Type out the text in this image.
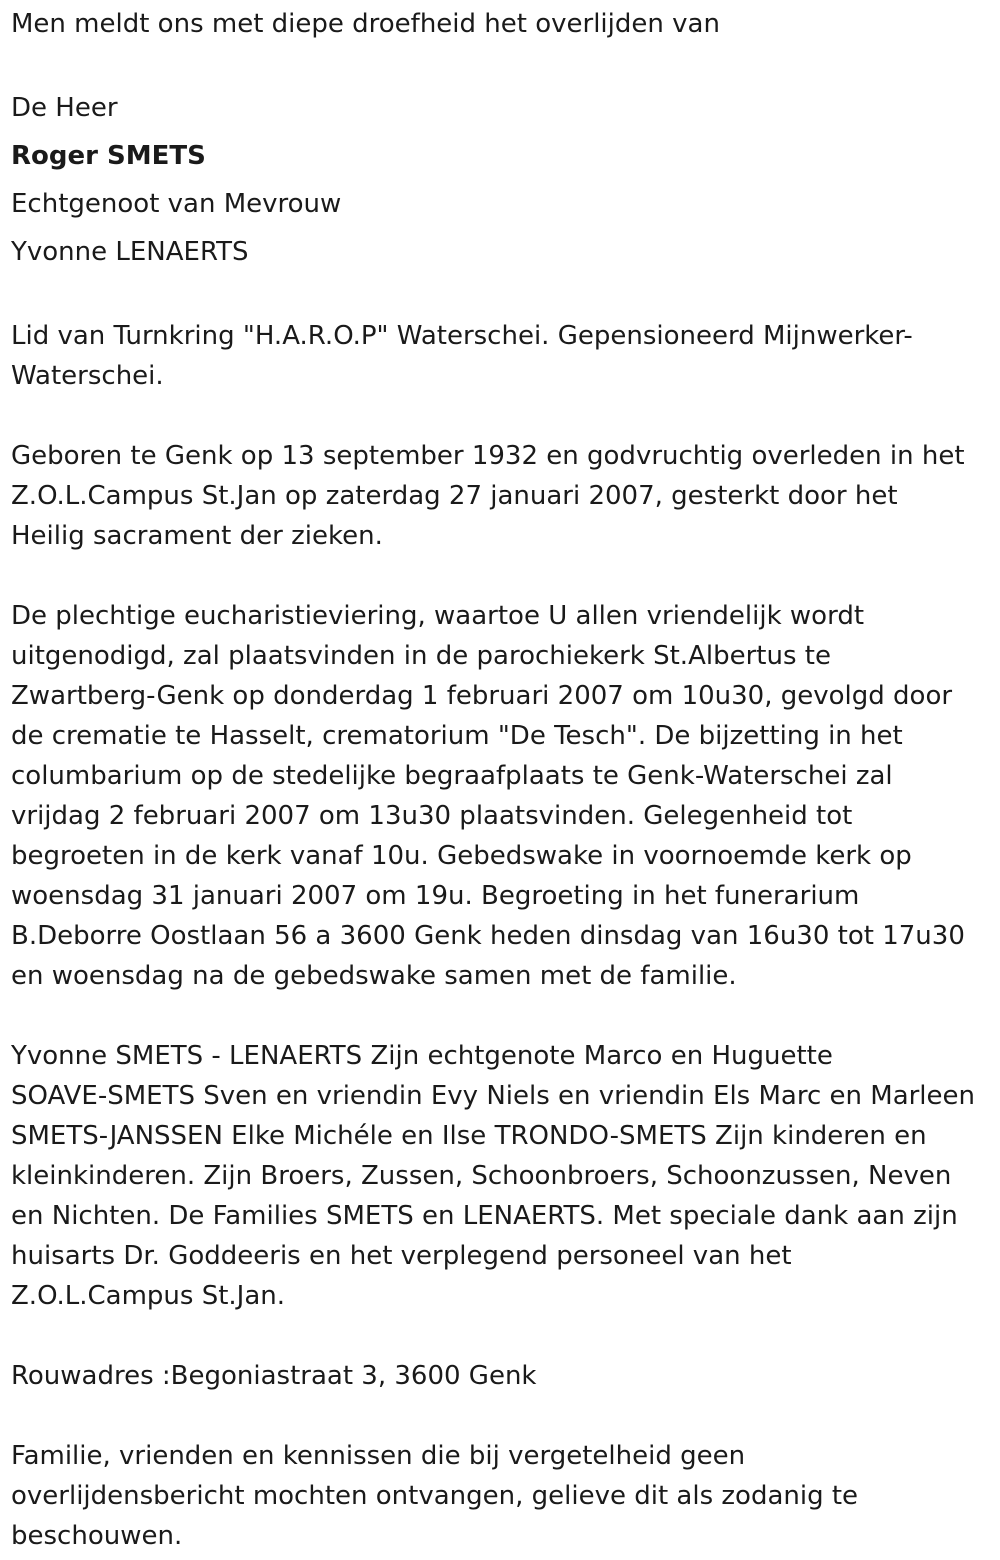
Men meldt ons met diepe droefheid het overlijden van

De Heer

Roger SMETS

Echtgenoot van Mevrouw

Yvonne LENAERTS

Lid van Turnkring "H.A.R.O.P" Waterschei. Gepensioneerd Mijnwerker-
Waterschei.

Geboren te Genk op 13 september 1932 en godvruchtig overleden in het
Z.O.L.Campus St.Jan op zaterdag 27 januari 2007, gesterkt door het
Heilig sacrament der zieken.

De plechtige eucharistieviering, waartoe U allen vriendelijk wordt
uitgenodigd, zal plaatsvinden in de parochiekerk St.Albertus te
Zwartberg-Genk op donderdag 1 februari 2007 om 10u30, gevolgd door
de crematie te Hasselt, crematorium "De Tesch". De bijzetting in het
columbarium op de stedelijke begraafplaats te Genk-Waterschei zal
vrijdag 2 februari 2007 om 13u30 plaatsvinden. Gelegenheid tot
begroeten in de kerk vanaf 10u. Gebedswake in voornoemde kerk op
woensdag 31 januari 2007 om 19u. Begroeting in het funerarium
B.Deborre Oostlaan 56 a 3600 Genk heden dinsdag van 16u30 tot 17u30
en woensdag na de gebedswake samen met de familie.

Yvonne SMETS - LENAERTS Zijn echtgenote Marco en Huguette
SOAVE-SMETS Sven en vriendin Evy Niels en vriendin Els Marc en Marleen
SMETS-JANSSEN Elke Michéle en Ilse TRONDO-SMETS Zijn kinderen en
kleinkinderen. Zijn Broers, Zussen, Schoonbroers, Schoonzussen, Neven
en Nichten. De Families SMETS en LENAERTS. Met speciale dank aan zijn
huisarts Dr. Goddeeris en het verplegend personeel van het
Z.O.L.Campus St.Jan.

Rouwadres :Begoniastraat 3, 3600 Genk

Familie, vrienden en kennissen die bij vergetelheid geen
overlijdensbericht mochten ontvangen, gelieve dit als zodanig te
beschouwen.
